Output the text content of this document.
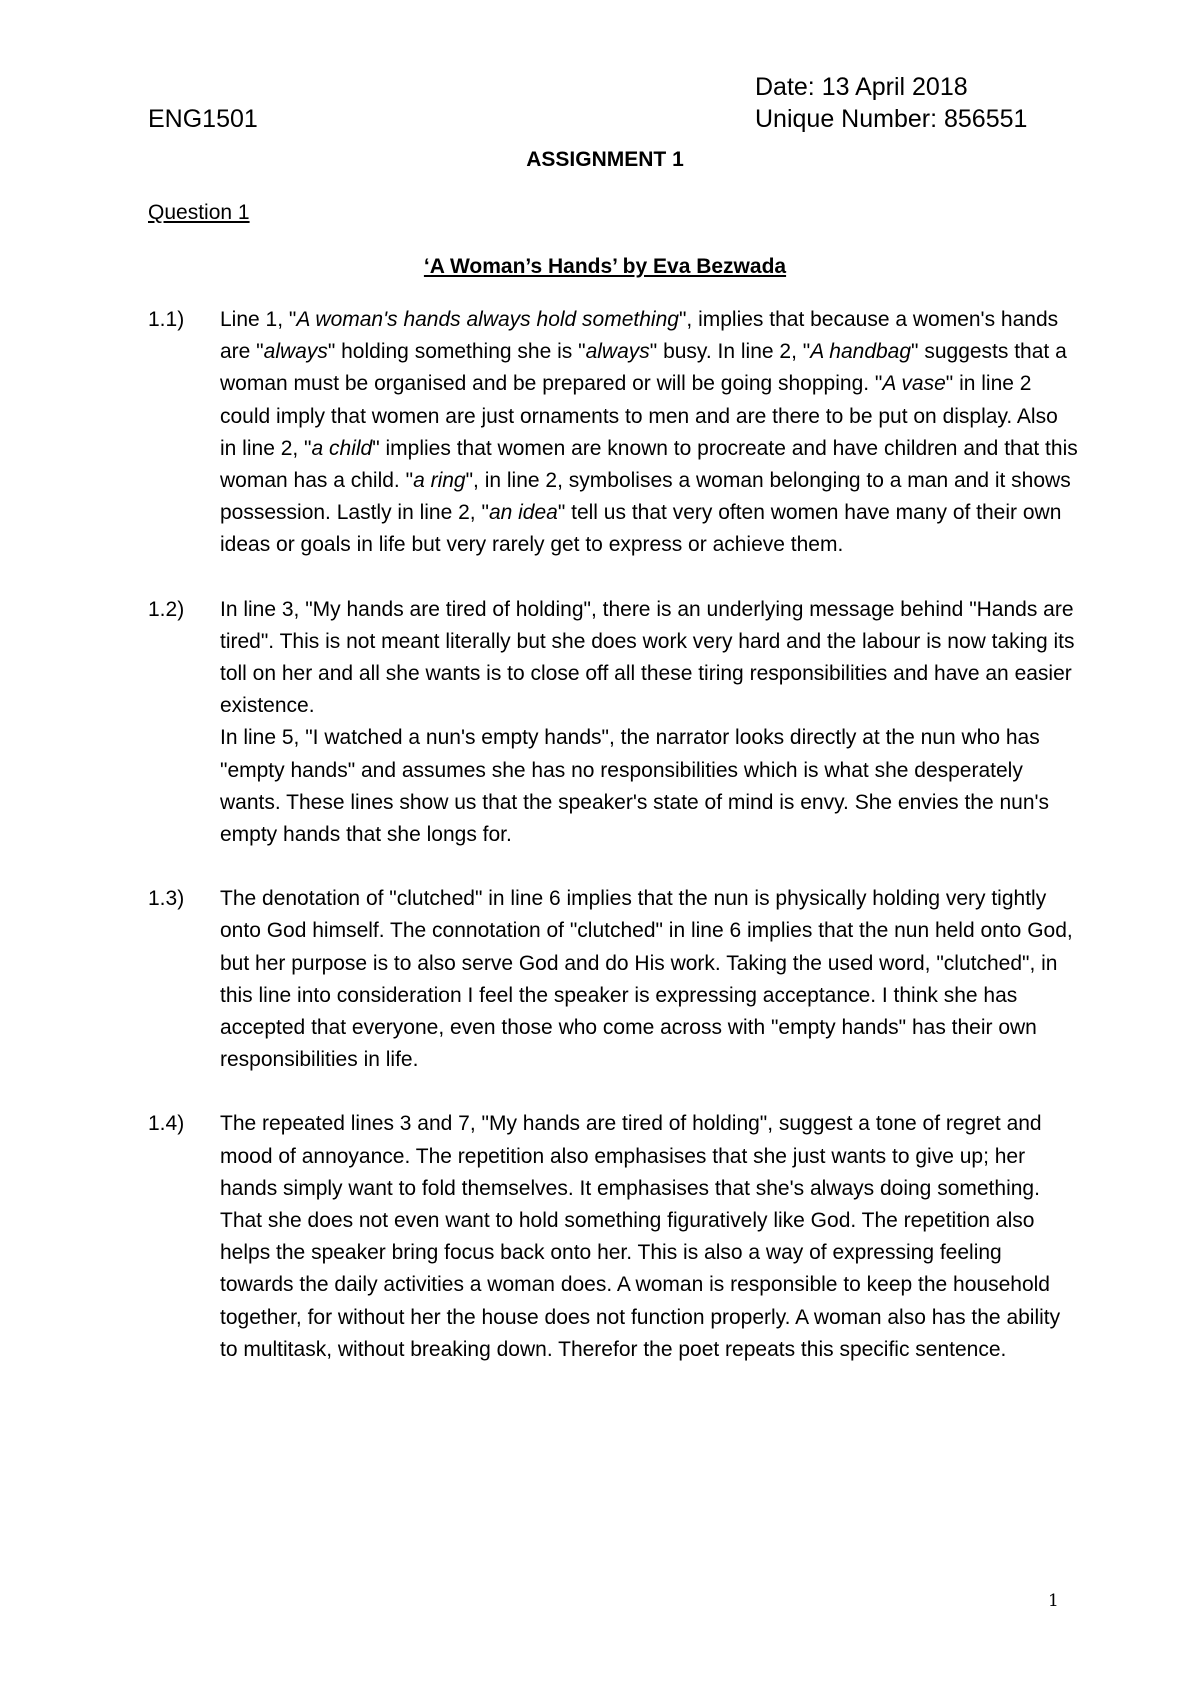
ENG1501
Date: 13 April 2018
Unique Number: 856551
ASSIGNMENT 1
Question 1
‘A Woman’s Hands’ by Eva Bezwada
1.1)	Line 1, "A woman's hands always hold something", implies that because a women's hands are "always" holding something she is "always" busy. In line 2, "A handbag" suggests that a woman must be organised and be prepared or will be going shopping. "A vase" in line 2 could imply that women are just ornaments to men and are there to be put on display. Also in line 2, "a child" implies that women are known to procreate and have children and that this woman has a child. "a ring", in line 2, symbolises a woman belonging to a man and it shows possession. Lastly in line 2, "an idea" tell us that very often women have many of their own ideas or goals in life but very rarely get to express or achieve them.

1.2)	In line 3, "My hands are tired of holding", there is an underlying message behind "Hands are tired". This is not meant literally but she does work very hard and the labour is now taking its toll on her and all she wants is to close off all these tiring responsibilities and have an easier existence.

In line 5, "I watched a nun's empty hands", the narrator looks directly at the nun who has "empty hands" and assumes she has no responsibilities which is what she desperately wants. These lines show us that the speaker's state of mind is envy. She envies the nun's empty hands that she longs for.

1.3)	The denotation of "clutched" in line 6 implies that the nun is physically holding very tightly onto God himself. The connotation of "clutched" in line 6 implies that the nun held onto God, but her purpose is to also serve God and do His work. Taking the used word, "clutched", in this line into consideration I feel the speaker is expressing acceptance. I think she has accepted that everyone, even those who come across with "empty hands" has their own responsibilities in life.

1.4)	The repeated lines 3 and 7, "My hands are tired of holding", suggest a tone of regret and mood of annoyance. The repetition also emphasises that she just wants to give up; her hands simply want to fold themselves. It emphasises that she's always doing something. That she does not even want to hold something figuratively like God. The repetition also helps the speaker bring focus back onto her. This is also a way of expressing feeling towards the daily activities a woman does. A woman is responsible to keep the household together, for without her the house does not function properly. A woman also has the ability to multitask, without breaking down. Therefor the poet repeats this specific sentence.

1
